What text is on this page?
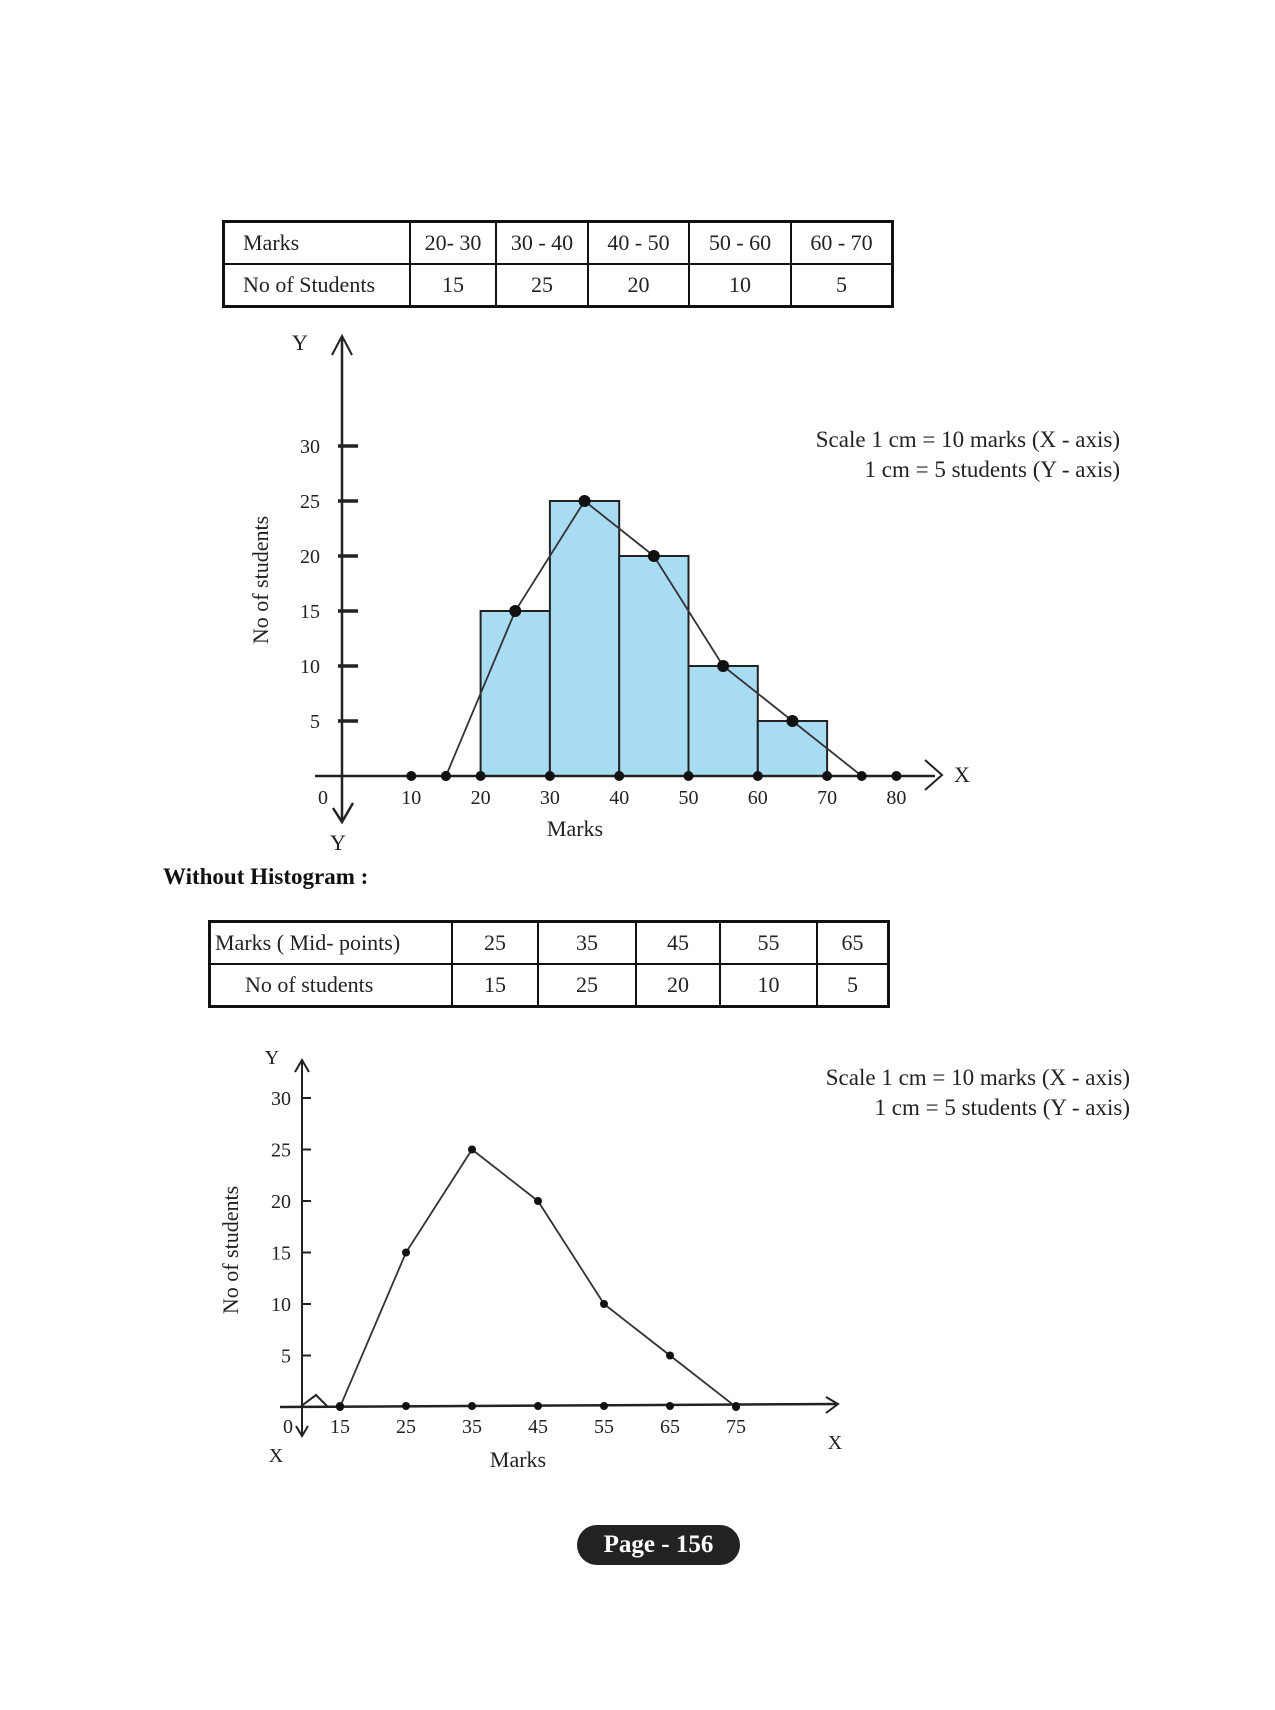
Marks	20- 30	30 - 40	40 - 50	50 - 60	60 - 70
No of Students	15	25	20	10	5
5
10
15
20
25
30
10 20 30 40 50 60 70 80
Y
Y
X
0
Marks
No of students
Scale 1 cm = 10 marks (X - axis)
1 cm = 5 students (Y - axis)
Without Histogram :
Marks ( Mid- points)	25	35	45	55	65
No of students	15	25	20	10	5
5
10
15
20
25
30
15 25 35 45 55 65 75
Y
0
X
X
Marks
No of students
Scale 1 cm = 10 marks (X - axis)
1 cm = 5 students (Y - axis)
Page - 156
